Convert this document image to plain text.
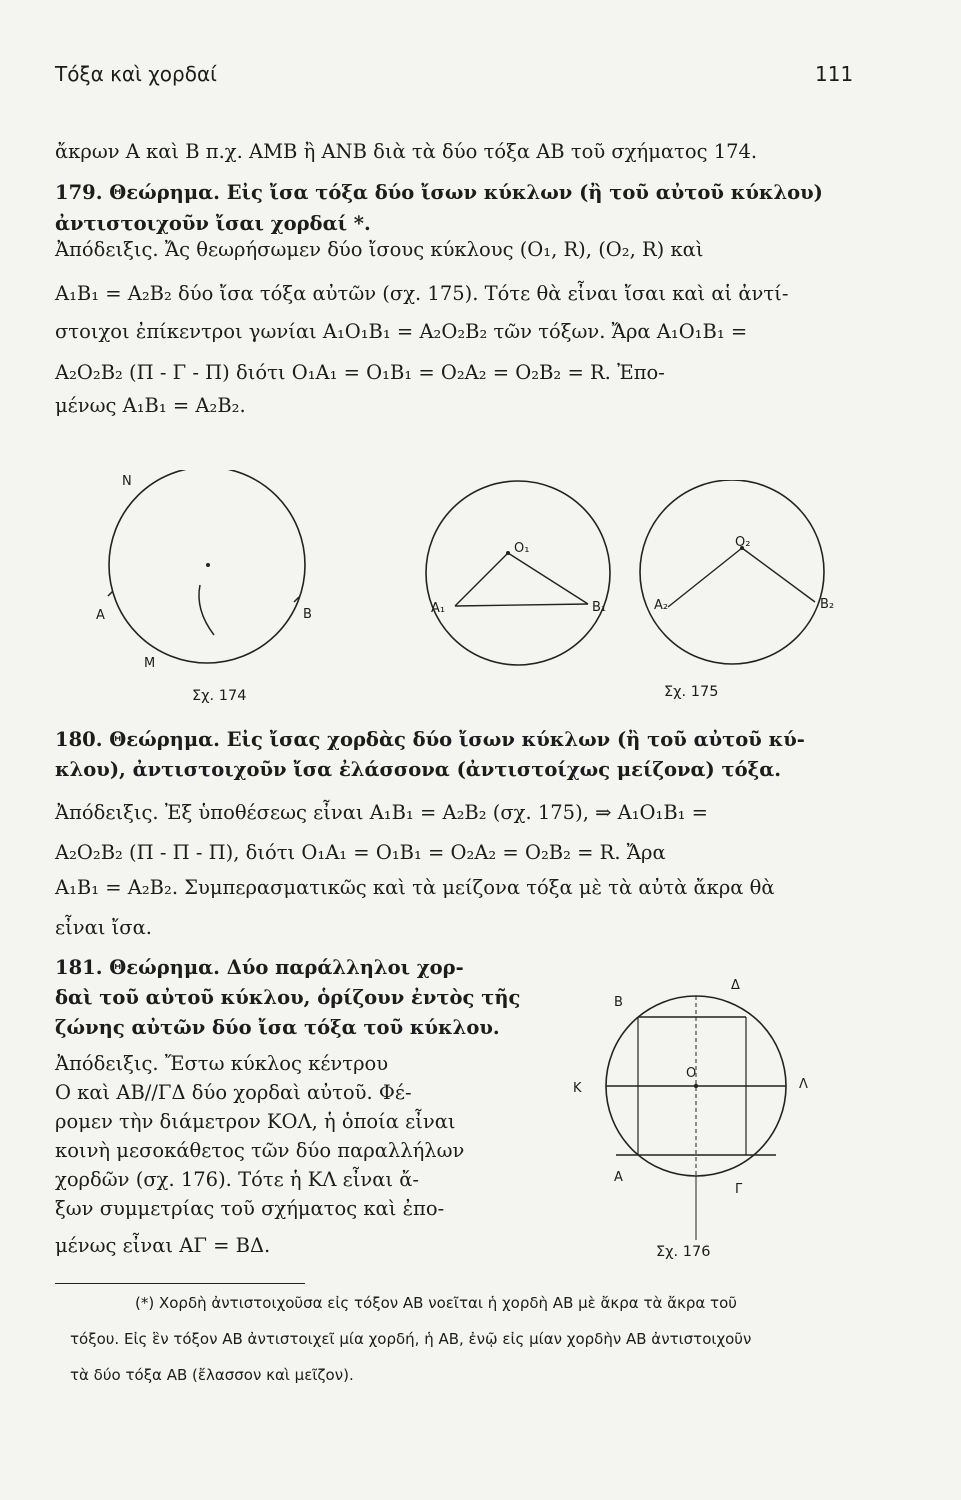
Τόξα καὶ χορδαί	111
ἄκρων Α καὶ Β π.χ. ΑΜΒ ἢ ΑΝΒ διὰ τὰ δύο τόξα ΑΒ τοῦ σχήματος 174.
179. Θεώρημα. Εἰς ἴσα τόξα δύο ἴσων κύκλων (ἢ τοῦ αὐτοῦ κύκλου)
ἀντιστοιχοῦν ἴσαι χορδαί *.
Ἀπόδειξις. Ἄς θεωρήσωμεν δύο ἴσους κύκλους (Ο₁, R), (Ο₂, R) καὶ
Α₁Β₁ = Α₂Β₂ δύο ἴσα τόξα αὐτῶν (σχ. 175). Τότε θὰ εἶναι ἴσαι καὶ αἱ ἀντί-
στοιχοι ἐπίκεντροι γωνίαι Α₁Ο₁Β₁ = Α₂Ο₂Β₂ τῶν τόξων. Ἄρα Α₁Ο₁Β₁ =
Α₂Ο₂Β₂ (Π - Γ - Π) διότι Ο₁Α₁ = Ο₁Β₁ = Ο₂Α₂ = Ο₂Β₂ = R. Ἐπο-
μένως Α₁Β₁ = Α₂Β₂.
N
A	B
M
Σχ. 174
O₁
A₁	B₁
O₂
A₂	B₂
Σχ. 175
180. Θεώρημα. Εἰς ἴσας χορδὰς δύο ἴσων κύκλων (ἢ τοῦ αὐτοῦ κύ-
κλου), ἀντιστοιχοῦν ἴσα ἐλάσσονα (ἀντιστοίχως μείζονα) τόξα.
Ἀπόδειξις. Ἐξ ὑποθέσεως εἶναι Α₁Β₁ = Α₂Β₂ (σχ. 175), ⇒ Α₁Ο₁Β₁ =
Α₂Ο₂Β₂ (Π - Π - Π), διότι Ο₁Α₁ = Ο₁Β₁ = Ο₂Α₂ = Ο₂Β₂ = R. Ἄρα
Α₁Β₁ = Α₂Β₂. Συμπερασματικῶς καὶ τὰ μείζονα τόξα μὲ τὰ αὐτὰ ἄκρα θὰ
εἶναι ἴσα.
181. Θεώρημα. Δύο παράλληλοι χορ-
δαὶ τοῦ αὐτοῦ κύκλου, ὁρίζουν ἐντὸς τῆς
ζώνης αὐτῶν δύο ἴσα τόξα τοῦ κύκλου.
Ἀπόδειξις. Ἔστω κύκλος κέντρου
Ο καὶ ΑΒ//ΓΔ δύο χορδαὶ αὐτοῦ. Φέ-
ρομεν τὴν διάμετρον ΚΟΛ, ἡ ὁποία εἶναι
κοινὴ μεσοκάθετος τῶν δύο παραλλήλων
χορδῶν (σχ. 176). Τότε ἡ ΚΛ εἶναι ἄ-
ξων συμμετρίας τοῦ σχήματος καὶ ἐπο-
μένως εἶναι ΑΓ = ΒΔ.
B
Δ
K
O
Λ
A
Γ
Σχ. 176
(*) Χορδὴ ἀντιστοιχοῦσα εἰς τόξον ΑΒ νοεῖται ἡ χορδὴ ΑΒ μὲ ἄκρα τὰ ἄκρα τοῦ
τόξου. Εἰς ἓν τόξον ΑΒ ἀντιστοιχεῖ μία χορδή, ἡ ΑΒ, ἐνῷ εἰς μίαν χορδὴν ΑΒ ἀντιστοιχοῦν
τὰ δύο τόξα ΑΒ (ἔλασσον καὶ μεῖζον).
